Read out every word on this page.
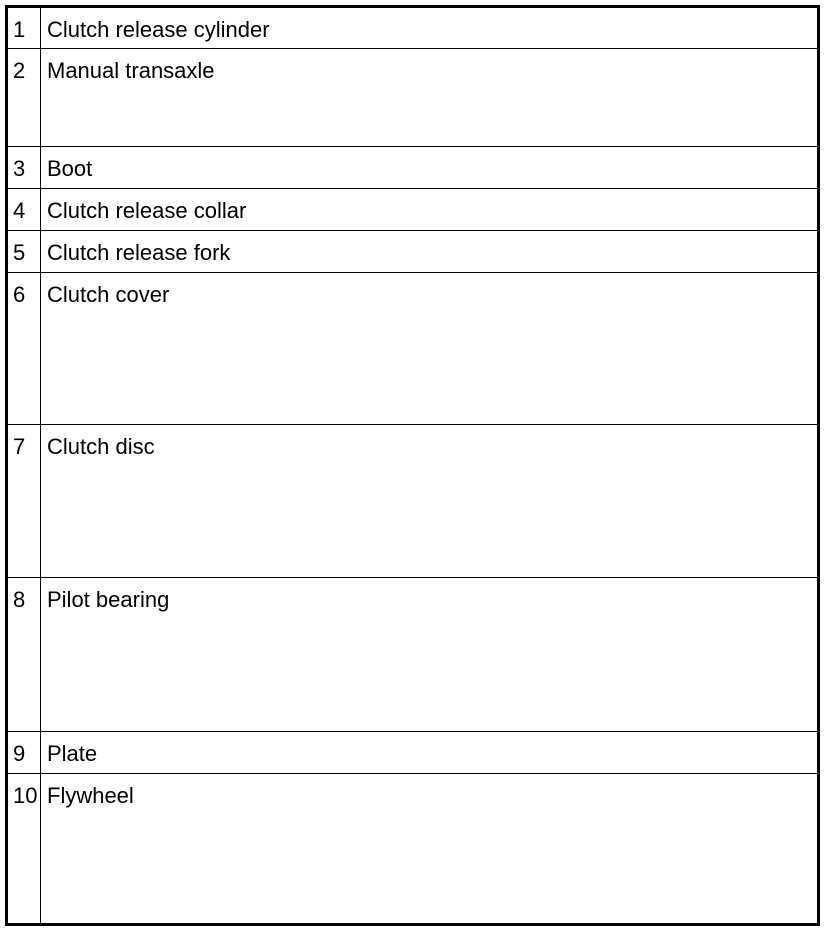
1	Clutch release cylinder
2	Manual transaxle
3	Boot
4	Clutch release collar
5	Clutch release fork
6	Clutch cover
7	Clutch disc
8	Pilot bearing
9	Plate
10	Flywheel
